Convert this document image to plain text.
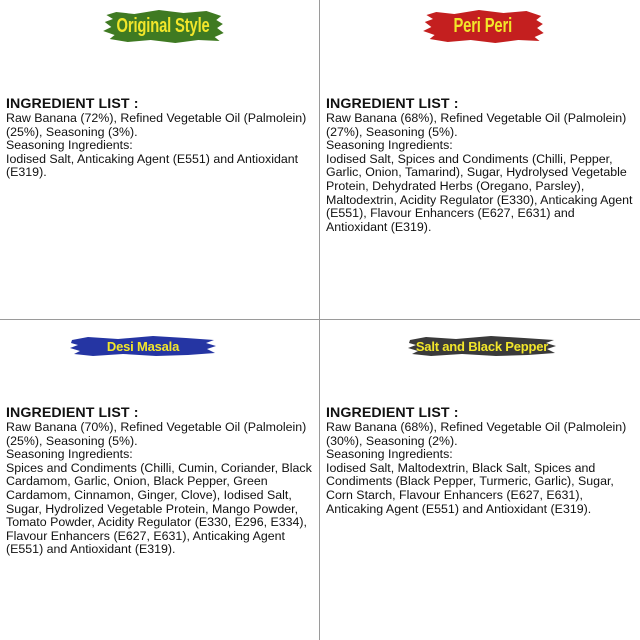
Original Style

INGREDIENT LIST :

Raw Banana (72%), Refined Vegetable Oil (Palmolein) (25%), Seasoning (3%).

Seasoning Ingredients:

Iodised Salt, Anticaking Agent (E551) and Antioxidant (E319).

Peri Peri

INGREDIENT LIST :

Raw Banana (68%), Refined Vegetable Oil (Palmolein) (27%), Seasoning (5%).

Seasoning Ingredients:

Iodised Salt, Spices and Condiments (Chilli, Pepper, Garlic, Onion, Tamarind), Sugar, Hydrolysed Vegetable Protein, Dehydrated Herbs (Oregano, Parsley), Maltodextrin, Acidity Regulator (E330), Anticaking Agent (E551), Flavour Enhancers (E627, E631) and Antioxidant (E319).

Desi Masala

INGREDIENT LIST :

Raw Banana (70%), Refined Vegetable Oil (Palmolein) (25%), Seasoning (5%).

Seasoning Ingredients:

Spices and Condiments (Chilli, Cumin, Coriander, Black Cardamom, Garlic, Onion, Black Pepper, Green Cardamom, Cinnamon, Ginger, Clove), Iodised Salt, Sugar, Hydrolized Vegetable Protein, Mango Powder, Tomato Powder, Acidity Regulator (E330, E296, E334), Flavour Enhancers (E627, E631), Anticaking Agent (E551) and Antioxidant (E319).

Salt and Black Pepper

INGREDIENT LIST :

Raw Banana (68%), Refined Vegetable Oil (Palmolein) (30%), Seasoning (2%).

Seasoning Ingredients:

Iodised Salt, Maltodextrin, Black Salt, Spices and Condiments (Black Pepper, Turmeric, Garlic), Sugar, Corn Starch, Flavour Enhancers (E627, E631), Anticaking Agent (E551) and Antioxidant (E319).
